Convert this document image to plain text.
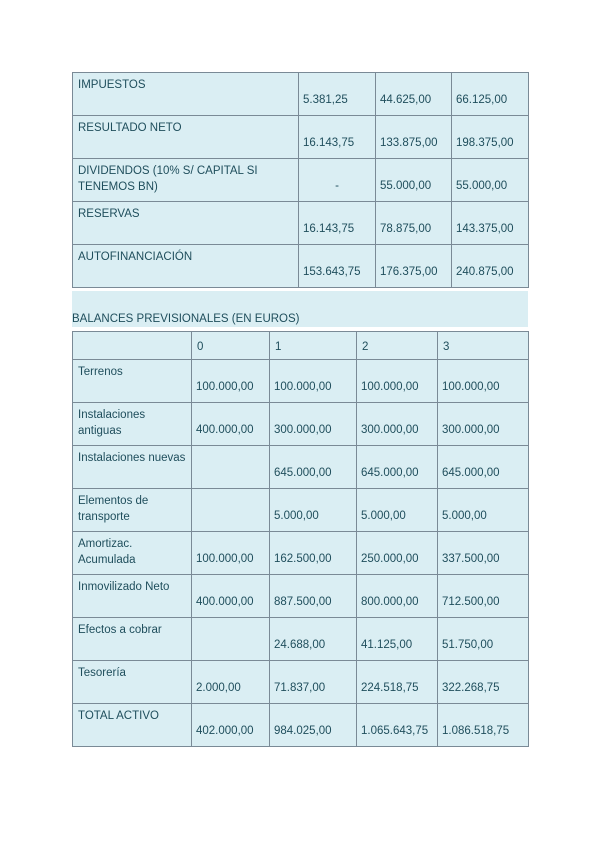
IMPUESTOS	5.381,25	44.625,00	66.125,00

RESULTADO NETO	16.143,75	133.875,00	198.375,00

DIVIDENDOS (10% S/ CAPITAL SI TENEMOS BN)	-	55.000,00	55.000,00

RESERVAS	16.143,75	78.875,00	143.375,00

AUTOFINANCIACIÓN	153.643,75	176.375,00	240.875,00
BALANCES PREVISIONALES (EN EUROS)
	0	1	2	3

Terrenos	100.000,00	100.000,00	100.000,00	100.000,00

Instalaciones antiguas	400.000,00	300.000,00	300.000,00	300.000,00

Instalaciones nuevas		645.000,00	645.000,00	645.000,00

Elementos de transporte		5.000,00	5.000,00	5.000,00

Amortizac. Acumulada	100.000,00	162.500,00	250.000,00	337.500,00

Inmovilizado Neto	400.000,00	887.500,00	800.000,00	712.500,00

Efectos a cobrar		24.688,00	41.125,00	51.750,00

Tesorería	2.000,00	71.837,00	224.518,75	322.268,75

TOTAL ACTIVO	402.000,00	984.025,00	1.065.643,75	1.086.518,75
